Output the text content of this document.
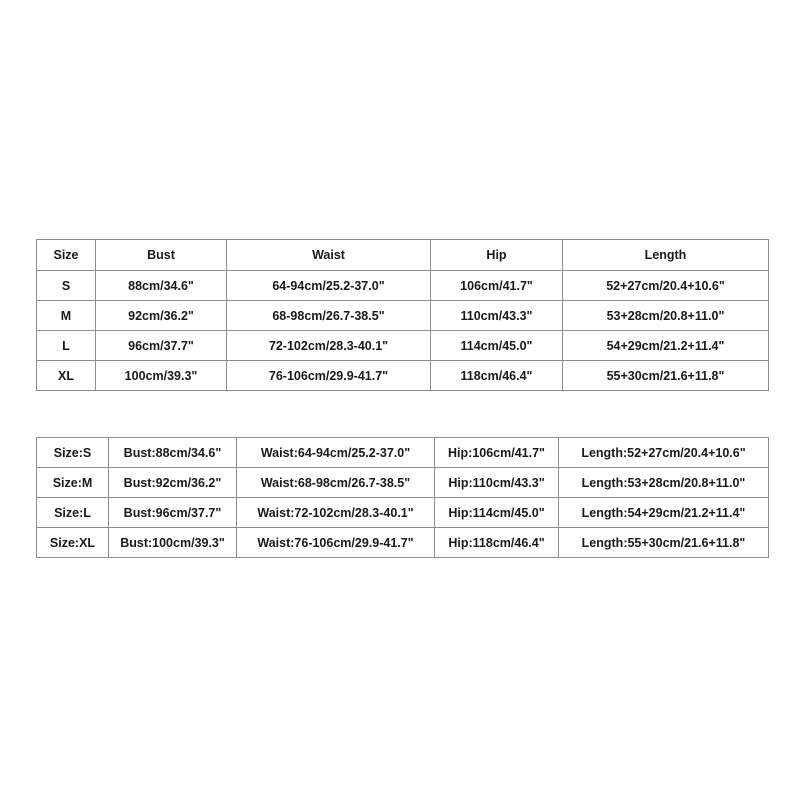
Size	Bust	Waist	Hip	Length
S	88cm/34.6"	64-94cm/25.2-37.0"	106cm/41.7"	52+27cm/20.4+10.6"
M	92cm/36.2"	68-98cm/26.7-38.5"	110cm/43.3"	53+28cm/20.8+11.0"
L	96cm/37.7"	72-102cm/28.3-40.1"	114cm/45.0"	54+29cm/21.2+11.4"
XL	100cm/39.3"	76-106cm/29.9-41.7"	118cm/46.4"	55+30cm/21.6+11.8"
Size:S	Bust:88cm/34.6"	Waist:64-94cm/25.2-37.0"	Hip:106cm/41.7"	Length:52+27cm/20.4+10.6"
Size:M	Bust:92cm/36.2"	Waist:68-98cm/26.7-38.5"	Hip:110cm/43.3"	Length:53+28cm/20.8+11.0"
Size:L	Bust:96cm/37.7"	Waist:72-102cm/28.3-40.1"	Hip:114cm/45.0"	Length:54+29cm/21.2+11.4"
Size:XL	Bust:100cm/39.3"	Waist:76-106cm/29.9-41.7"	Hip:118cm/46.4"	Length:55+30cm/21.6+11.8"
